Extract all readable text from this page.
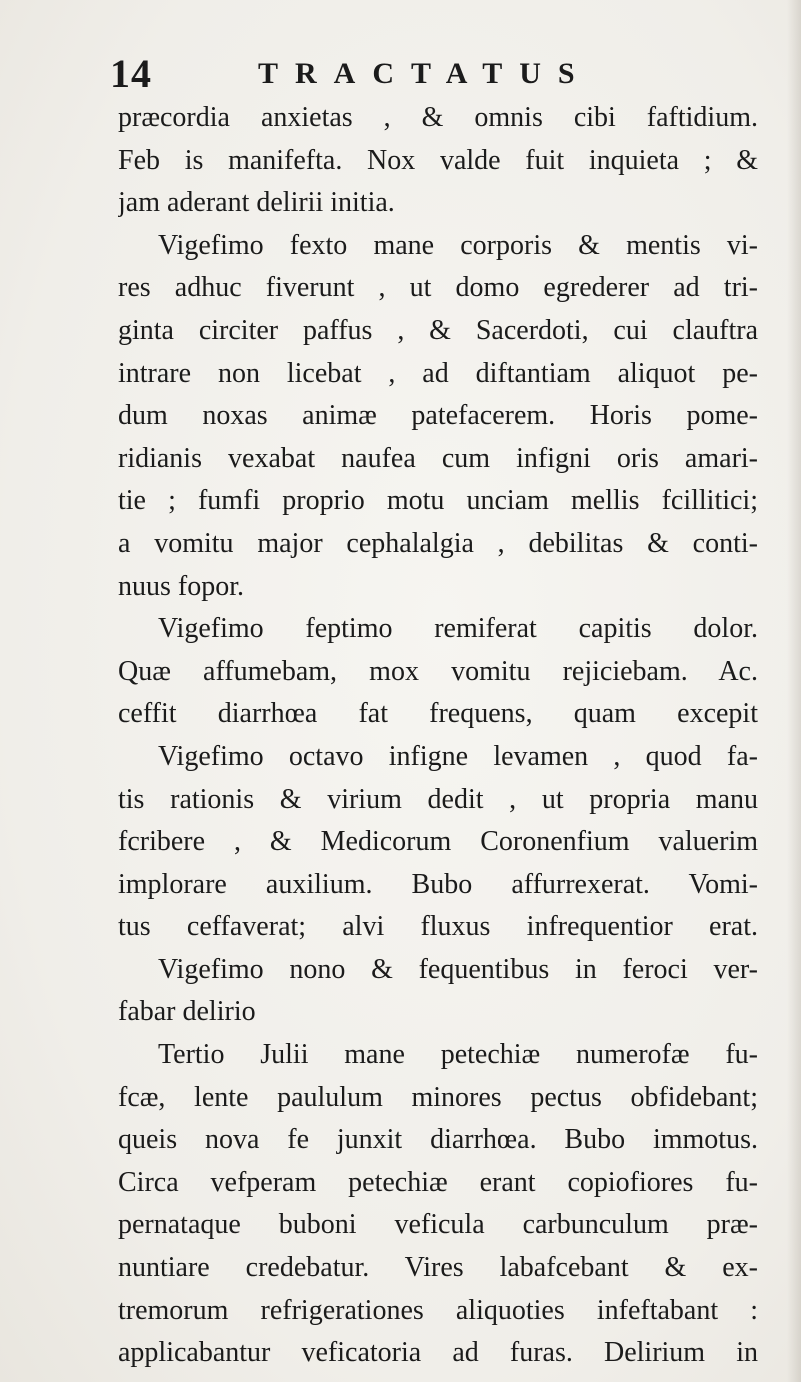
14	TRACTATUS
præcordia anxietas , & omnis cibi faftidium.
Feb is manifefta. Nox valde fuit inquieta ; &
jam aderant delirii initia.
Vigefimo fexto mane corporis & mentis vi-
res adhuc fiverunt , ut domo egrederer ad tri-
ginta circiter paffus , & Sacerdoti, cui clauftra
intrare non licebat , ad diftantiam aliquot pe-
dum noxas animæ patefacerem. Horis pome-
ridianis vexabat naufea cum infigni oris amari-
tie ; fumfi proprio motu unciam mellis fcillitici;
a vomitu major cephalalgia , debilitas & conti-
nuus fopor.
Vigefimo feptimo remiferat capitis dolor.
Quæ affumebam, mox vomitu rejiciebam. Ac.
ceffit diarrhœa fat frequens, quam excepit
Vigefimo octavo infigne levamen , quod fa-
tis rationis & virium dedit , ut propria manu
fcribere , & Medicorum Coronenfium valuerim
implorare auxilium. Bubo affurrexerat. Vomi-
tus ceffaverat; alvi fluxus infrequentior erat.
Vigefimo nono & fequentibus in feroci ver-
fabar delirio
Tertio Julii mane petechiæ numerofæ fu-
fcæ, lente paululum minores pectus obfidebant;
queis nova fe junxit diarrhœa. Bubo immotus.
Circa vefperam petechiæ erant copiofiores fu-
pernataque buboni veficula carbunculum præ-
nuntiare credebatur. Vires labafcebant & ex-
tremorum refrigerationes aliquoties infeftabant :
applicabantur veficatoria ad furas. Delirium in
